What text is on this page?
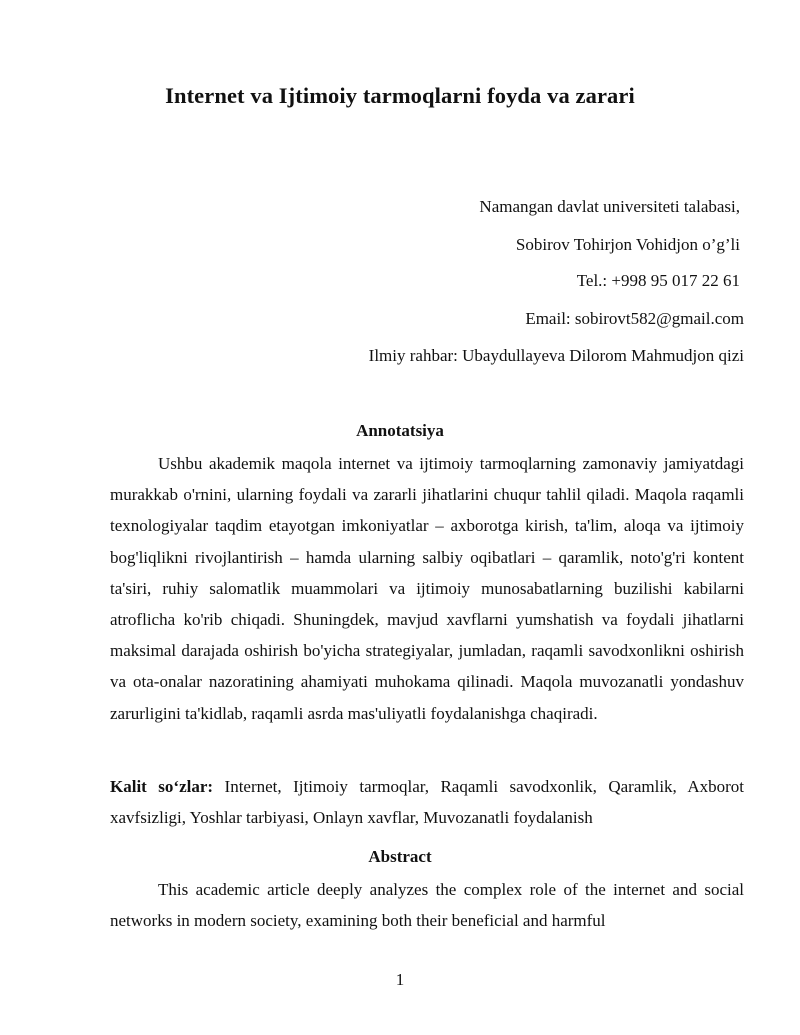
Internet va Ijtimoiy tarmoqlarni foyda va zarari
Namangan davlat universiteti talabasi,
Sobirov Tohirjon Vohidjon o’g’li
Tel.: +998 95 017 22 61
Email: sobirovt582@gmail.com
Ilmiy rahbar: Ubaydullayeva Dilorom Mahmudjon qizi
Annotatsiya

Ushbu akademik maqola internet va ijtimoiy tarmoqlarning zamonaviy jamiyatdagi murakkab o'rnini, ularning foydali va zararli jihatlarini chuqur tahlil qiladi. Maqola raqamli texnologiyalar taqdim etayotgan imkoniyatlar – axborotga kirish, ta'lim, aloqa va ijtimoiy bog'liqlikni rivojlantirish – hamda ularning salbiy oqibatlari – qaramlik, noto'g'ri kontent ta'siri, ruhiy salomatlik muammolari va ijtimoiy munosabatlarning buzilishi kabilarni atroflicha ko'rib chiqadi. Shuningdek, mavjud xavflarni yumshatish va foydali jihatlarni maksimal darajada oshirish bo'yicha strategiyalar, jumladan, raqamli savodxonlikni oshirish va ota-onalar nazoratining ahamiyati muhokama qilinadi. Maqola muvozanatli yondashuv zarurligini ta'kidlab, raqamli asrda mas'uliyatli foydalanishga chaqiradi.

Kalit so‘zlar: Internet, Ijtimoiy tarmoqlar, Raqamli savodxonlik, Qaramlik, Axborot xavfsizligi, Yoshlar tarbiyasi, Onlayn xavflar, Muvozanatli foydalanish

Abstract

This academic article deeply analyzes the complex role of the internet and social networks in modern society, examining both their beneficial and harmful

1
